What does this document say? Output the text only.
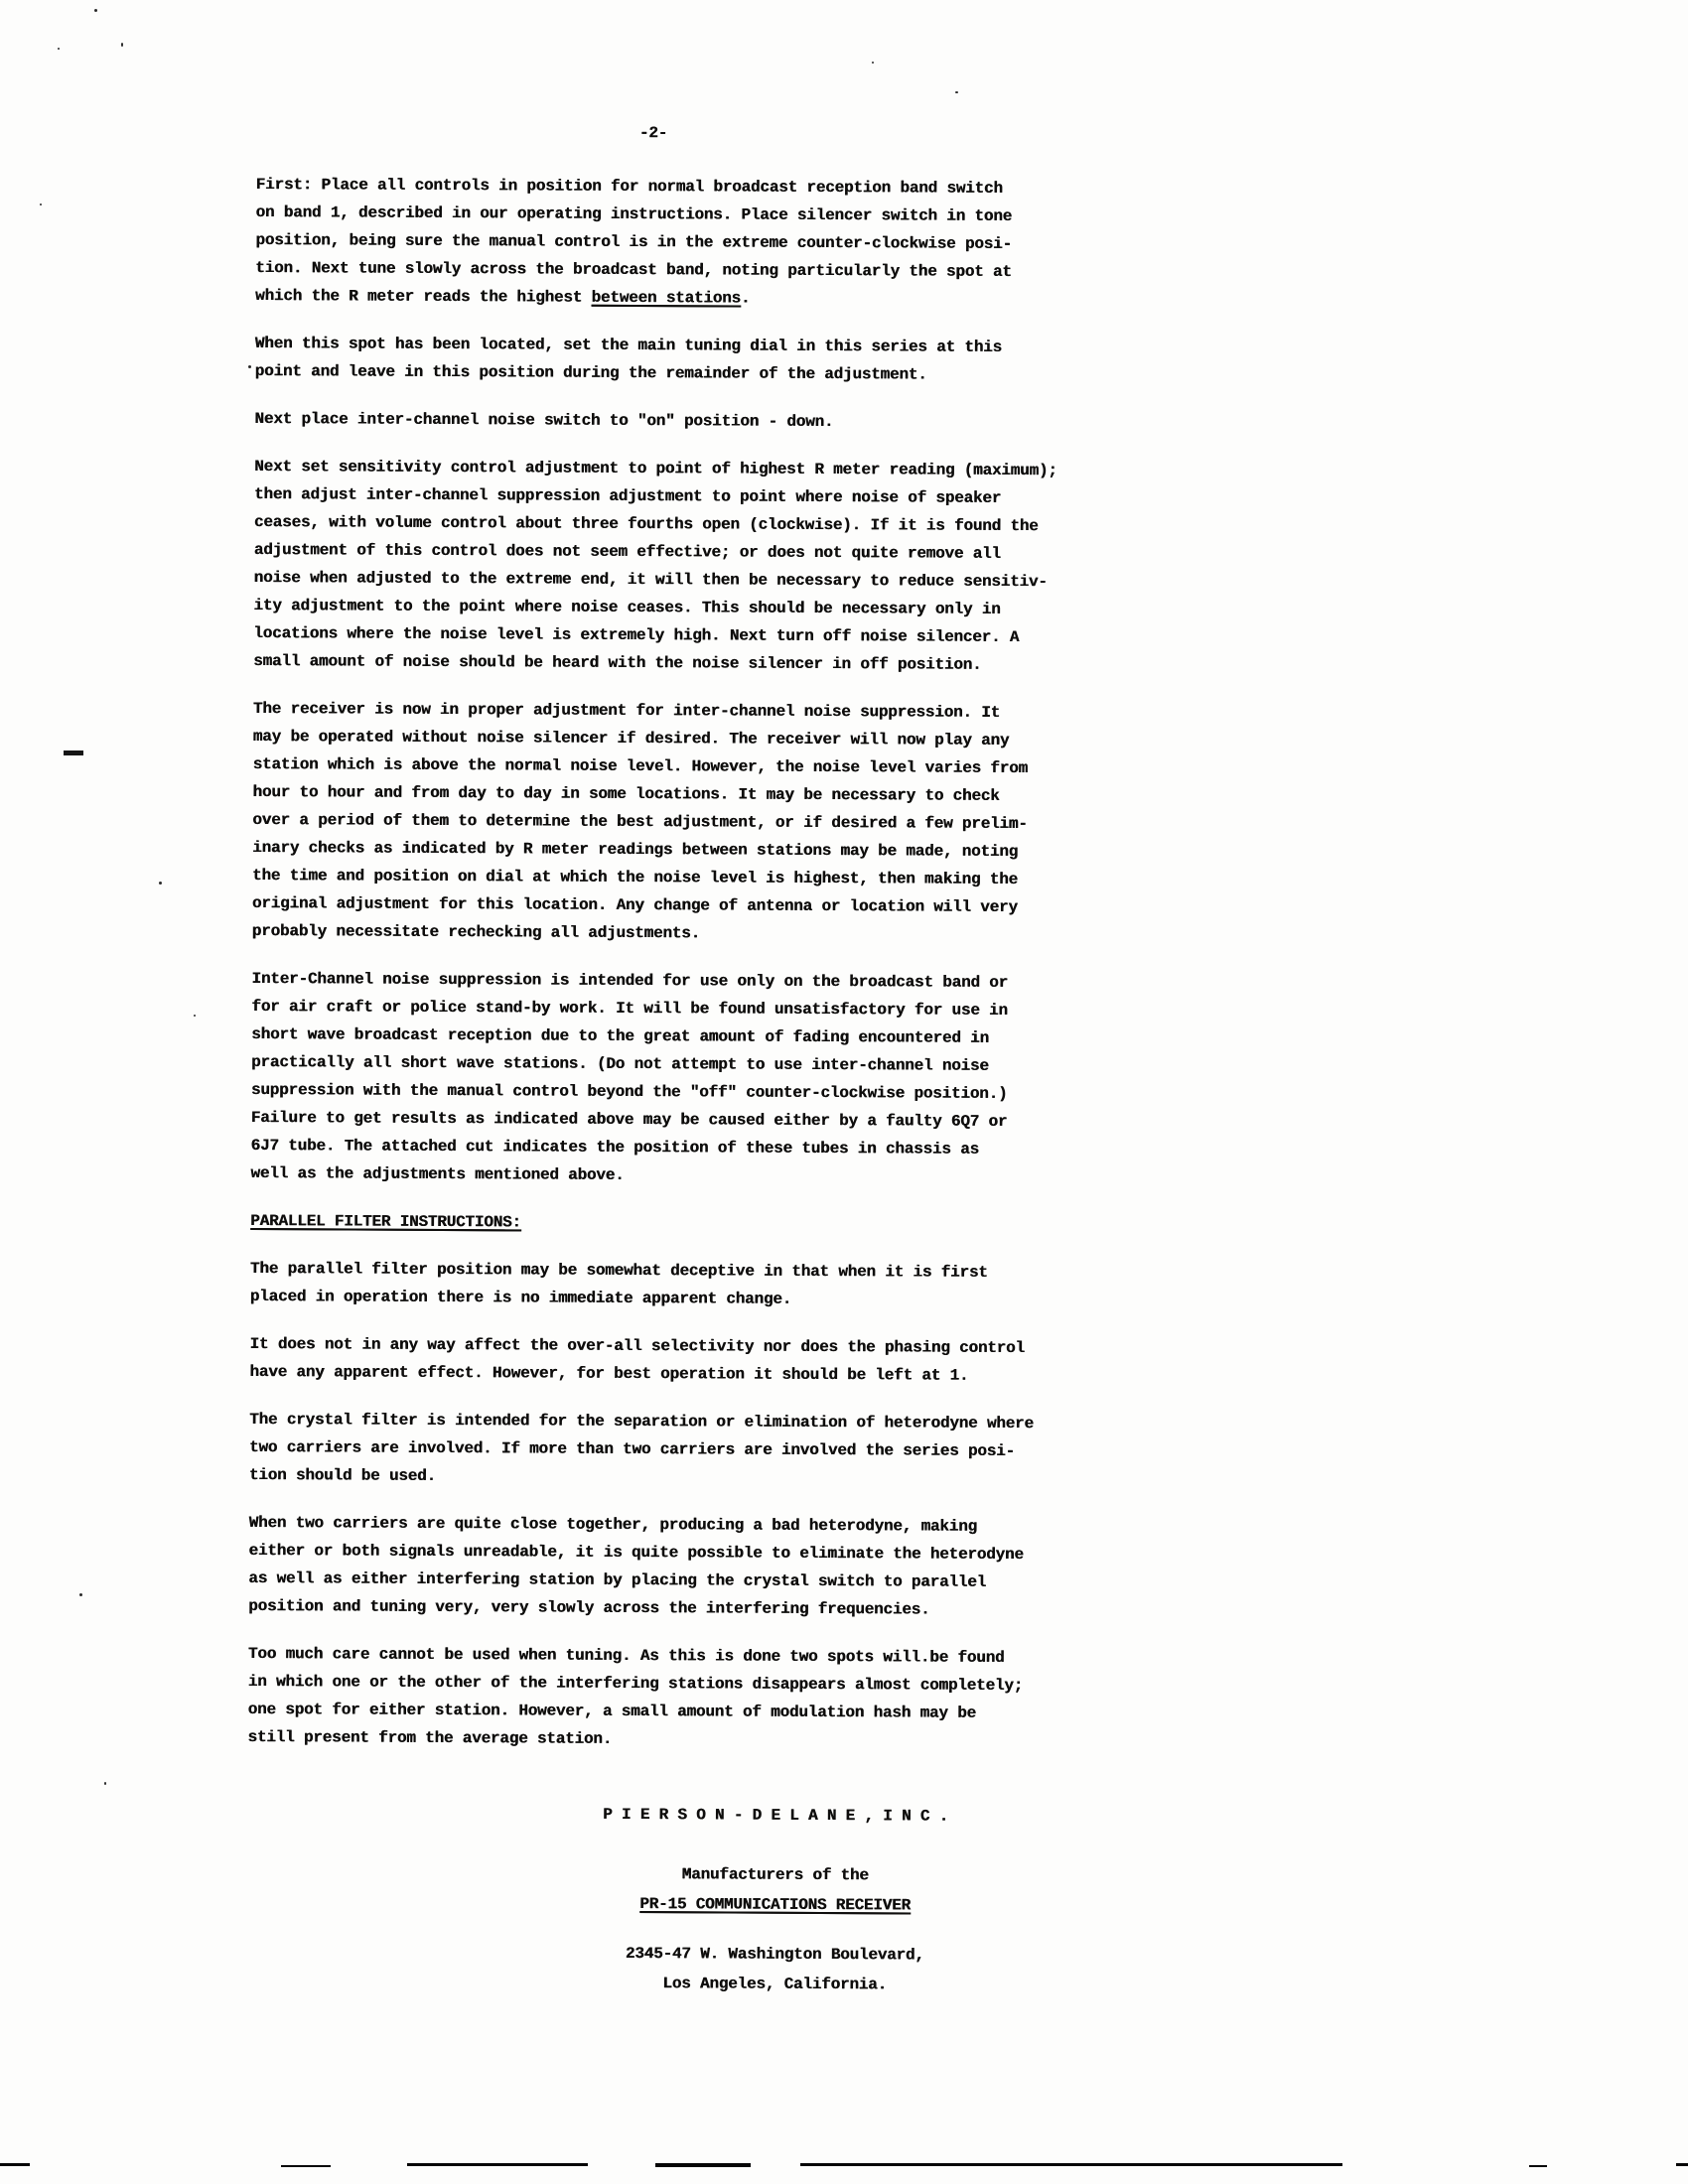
-2-

First: Place all controls in position for normal broadcast reception band switch
on band 1, described in our operating instructions. Place silencer switch in tone
position, being sure the manual control is in the extreme counter-clockwise posi-
tion. Next tune slowly across the broadcast band, noting particularly the spot at
which the R meter reads the highest between stations.

When this spot has been located, set the main tuning dial in this series at this
point and leave in this position during the remainder of the adjustment.

Next place inter-channel noise switch to "on" position - down.

Next set sensitivity control adjustment to point of highest R meter reading (maximum);
then adjust inter-channel suppression adjustment to point where noise of speaker
ceases, with volume control about three fourths open (clockwise). If it is found the
adjustment of this control does not seem effective; or does not quite remove all
noise when adjusted to the extreme end, it will then be necessary to reduce sensitiv-
ity adjustment to the point where noise ceases. This should be necessary only in
locations where the noise level is extremely high. Next turn off noise silencer. A
small amount of noise should be heard with the noise silencer in off position.

The receiver is now in proper adjustment for inter-channel noise suppression. It
may be operated without noise silencer if desired. The receiver will now play any
station which is above the normal noise level. However, the noise level varies from
hour to hour and from day to day in some locations. It may be necessary to check
over a period of them to determine the best adjustment, or if desired a few prelim-
inary checks as indicated by R meter readings between stations may be made, noting
the time and position on dial at which the noise level is highest, then making the
original adjustment for this location. Any change of antenna or location will very
probably necessitate rechecking all adjustments.

Inter-Channel noise suppression is intended for use only on the broadcast band or
for air craft or police stand-by work. It will be found unsatisfactory for use in
short wave broadcast reception due to the great amount of fading encountered in
practically all short wave stations. (Do not attempt to use inter-channel noise
suppression with the manual control beyond the "off" counter-clockwise position.)
Failure to get results as indicated above may be caused either by a faulty 6Q7 or
6J7 tube. The attached cut indicates the position of these tubes in chassis as
well as the adjustments mentioned above.

PARALLEL FILTER INSTRUCTIONS:

The parallel filter position may be somewhat deceptive in that when it is first
placed in operation there is no immediate apparent change.

It does not in any way affect the over-all selectivity nor does the phasing control
have any apparent effect. However, for best operation it should be left at 1.

The crystal filter is intended for the separation or elimination of heterodyne where
two carriers are involved. If more than two carriers are involved the series posi-
tion should be used.

When two carriers are quite close together, producing a bad heterodyne, making
either or both signals unreadable, it is quite possible to eliminate the heterodyne
as well as either interfering station by placing the crystal switch to parallel
position and tuning very, very slowly across the interfering frequencies.

Too much care cannot be used when tuning. As this is done two spots will.be found
in which one or the other of the interfering stations disappears almost completely;
one spot for either station. However, a small amount of modulation hash may be
still present from the average station.

P I E R S O N - D E L A N E , I N C .
Manufacturers of the
PR-15 COMMUNICATIONS RECEIVER
2345-47 W. Washington Boulevard,
Los Angeles, California.
